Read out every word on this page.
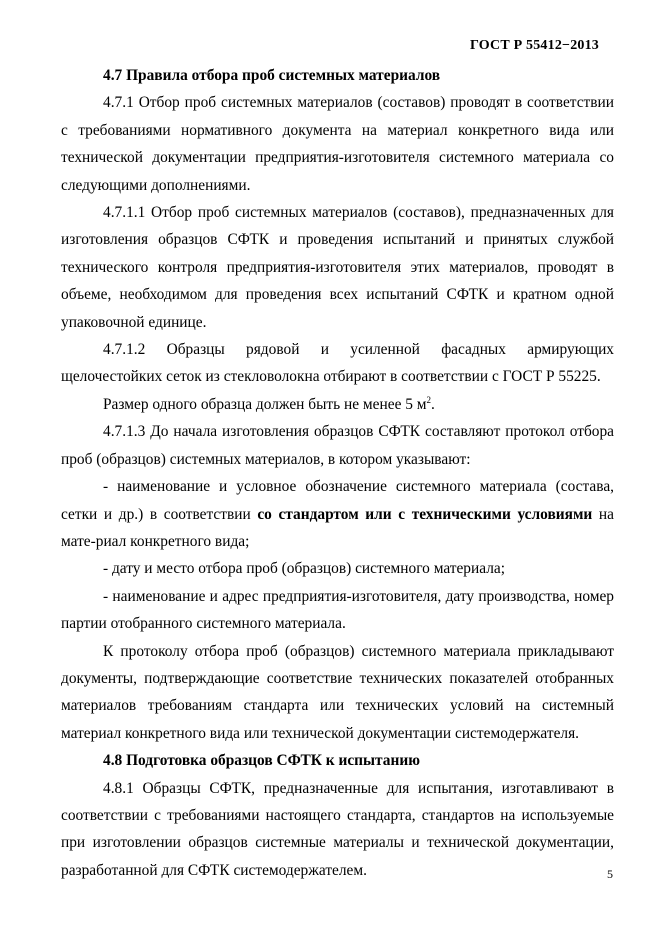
ГОСТ Р 55412−2013

4.7 Правила отбора проб системных материалов

4.7.1 Отбор проб системных материалов (составов) проводят в соответствии с требованиями нормативного документа на материал конкретного вида или технической документации предприятия-изготовителя системного материала со следующими дополнениями.

4.7.1.1 Отбор проб системных материалов (составов), предназначенных для изготовления образцов СФТК и проведения испытаний и принятых службой технического контроля предприятия-изготовителя этих материалов, проводят в объеме, необходимом для проведения всех испытаний СФТК и кратном одной упаковочной единице.

4.7.1.2 Образцы рядовой и усиленной фасадных армирующих щелочестойких сеток из стекловолокна отбирают в соответствии с ГОСТ Р 55225.

Размер одного образца должен быть не менее 5 $м^2$.

4.7.1.3 До начала изготовления образцов СФТК составляют протокол отбора проб (образцов) системных материалов, в котором указывают:

- наименование и условное обозначение системного материала (состава, сетки и др.) в соответствии со стандартом или с техническими условиями на мате-риал конкретного вида;

- дату и место отбора проб (образцов) системного материала;

- наименование и адрес предприятия-изготовителя, дату производства, номер партии отобранного системного материала.

К протоколу отбора проб (образцов) системного материала прикладывают документы, подтверждающие соответствие технических показателей отобранных материалов требованиям стандарта или технических условий на системный материал конкретного вида или технической документации системодержателя.

4.8 Подготовка образцов СФТК к испытанию

4.8.1 Образцы СФТК, предназначенные для испытания, изготавливают в соответствии с требованиями настоящего стандарта, стандартов на используемые при изготовлении образцов системные материалы и технической документации, разработанной для СФТК системодержателем.	5
